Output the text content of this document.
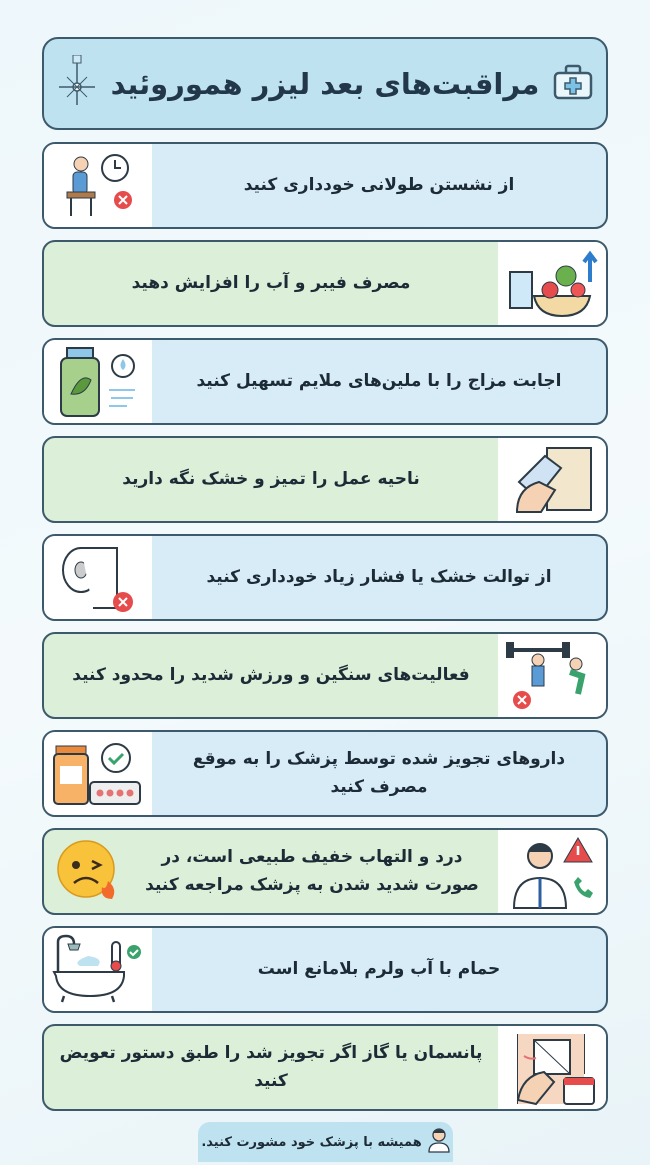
مراقبت‌های بعد لیزر هموروئید
از نشستن طولانی خودداری کنید
مصرف فیبر و آب را افزایش دهید
اجابت مزاج را با ملین‌های ملایم تسهیل کنید
ناحیه عمل را تمیز و خشک نگه دارید
از توالت خشک یا فشار زیاد خودداری کنید
فعالیت‌های سنگین و ورزش شدید را محدود کنید
داروهای تجویز شده توسط پزشک را به موقع مصرف کنید
درد و التهاب خفیف طبیعی است، در صورت شدید شدن به پزشک مراجعه کنید
حمام با آب ولرم بلامانع است
پانسمان یا گاز اگر تجویز شد را طبق دستور تعویض کنید
همیشه با پزشک خود مشورت کنید.
